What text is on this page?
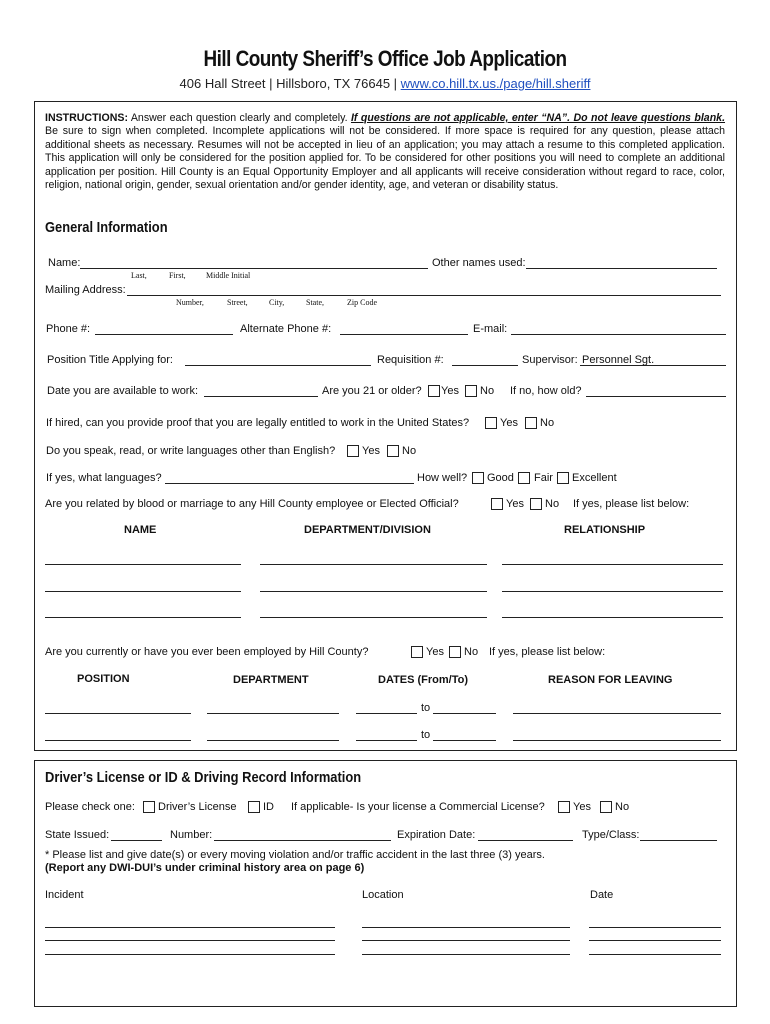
Hill County Sheriff’s Office Job Application
406 Hall Street | Hillsboro, TX 76645 | www.co.hill.tx.us./page/hill.sheriff
INSTRUCTIONS: Answer each question clearly and completely. If questions are not applicable, enter “NA”. Do not leave questions blank. Be sure to sign when completed. Incomplete applications will not be considered. If more space is required for any question, please attach additional sheets as necessary. Resumes will not be accepted in lieu of an application; you may attach a resume to this completed application. This application will only be considered for the position applied for. To be considered for other positions you will need to complete an additional application per position. Hill County is an Equal Opportunity Employer and all applicants will receive consideration without regard to race, color, religion, national origin, gender, sexual orientation and/or gender identity, age, and veteran or disability status.
General Information
Name:	Other names used:
Last,	First,	Middle Initial
Mailing Address:
Number,	Street,	City,	State,	Zip Code
Phone #:	Alternate Phone #:	E-mail:
Position Title Applying for:	Requisition #:	Supervisor: Personnel Sgt.
Date you are available to work:	Are you 21 or older? Yes No If no, how old?
If hired, can you provide proof that you are legally entitled to work in the United States?	Yes No
Do you speak, read, or write languages other than English? Yes No
If yes, what languages?	How well? Good Fair Excellent
Are you related by blood or marriage to any Hill County employee or Elected Official?	Yes No If yes, please list below:
NAME	DEPARTMENT/DIVISION	RELATIONSHIP
Are you currently or have you ever been employed by Hill County?	Yes No If yes, please list below:
POSITION	DEPARTMENT	DATES (From/To)	REASON FOR LEAVING
to
to
Driver’s License or ID & Driving Record Information
Please check one: Driver’s License ID If applicable- Is your license a Commercial License?	Yes No
State Issued:	Number:	Expiration Date:	Type/Class:
* Please list and give date(s) or every moving violation and/or traffic accident in the last three (3) years.
(Report any DWI-DUI’s under criminal history area on page 6)
Incident	Location	Date
